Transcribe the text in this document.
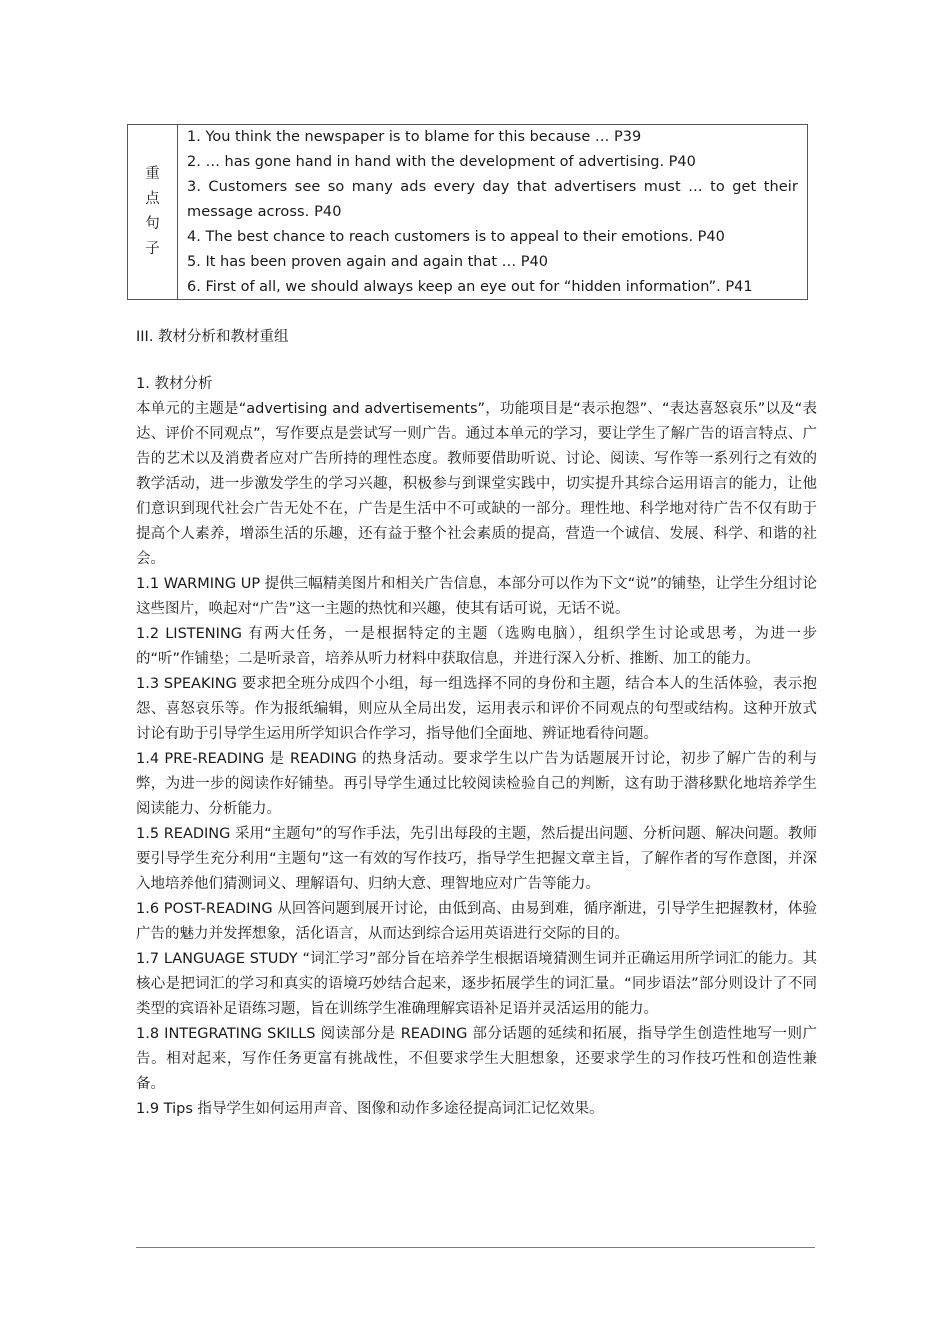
重
点
句
子
1. You think the newspaper is to blame for this because … P39
2. … has gone hand in hand with the development of advertising. P40
3. Customers see so many ads every day that advertisers must … to get their message across. P40
4. The best chance to reach customers is to appeal to their emotions. P40
5. It has been proven again and again that … P40
6. First of all, we should always keep an eye out for “hidden information”. P41
III. 教材分析和教材重组
1. 教材分析

本单元的主题是“advertising and advertisements”，功能项目是“表示抱怨”、“表达喜怒哀乐”以及“表达、评价不同观点”，写作要点是尝试写一则广告。通过本单元的学习，要让学生了解广告的语言特点、广告的艺术以及消费者应对广告所持的理性态度。教师要借助听说、讨论、阅读、写作等一系列行之有效的教学活动，进一步激发学生的学习兴趣，积极参与到课堂实践中，切实提升其综合运用语言的能力，让他们意识到现代社会广告无处不在，广告是生活中不可或缺的一部分。理性地、科学地对待广告不仅有助于提高个人素养，增添生活的乐趣，还有益于整个社会素质的提高，营造一个诚信、发展、科学、和谐的社会。

1.1 WARMING UP 提供三幅精美图片和相关广告信息，本部分可以作为下文“说”的铺垫，让学生分组讨论这些图片，唤起对“广告”这一主题的热忱和兴趣，使其有话可说，无话不说。

1.2 LISTENING 有两大任务，一是根据特定的主题（选购电脑），组织学生讨论或思考，为进一步的“听”作铺垫；二是听录音，培养从听力材料中获取信息，并进行深入分析、推断、加工的能力。

1.3 SPEAKING 要求把全班分成四个小组，每一组选择不同的身份和主题，结合本人的生活体验，表示抱怨、喜怒哀乐等。作为报纸编辑，则应从全局出发，运用表示和评价不同观点的句型或结构。这种开放式讨论有助于引导学生运用所学知识合作学习，指导他们全面地、辨证地看待问题。

1.4 PRE-READING 是 READING 的热身活动。要求学生以广告为话题展开讨论，初步了解广告的利与弊，为进一步的阅读作好铺垫。再引导学生通过比较阅读检验自己的判断，这有助于潜移默化地培养学生阅读能力、分析能力。

1.5 READING 采用“主题句”的写作手法，先引出每段的主题，然后提出问题、分析问题、解决问题。教师要引导学生充分利用“主题句”这一有效的写作技巧，指导学生把握文章主旨，了解作者的写作意图，并深入地培养他们猜测词义、理解语句、归纳大意、理智地应对广告等能力。

1.6 POST-READING 从回答问题到展开讨论，由低到高、由易到难，循序渐进，引导学生把握教材，体验广告的魅力并发挥想象，活化语言，从而达到综合运用英语进行交际的目的。

1.7 LANGUAGE STUDY “词汇学习”部分旨在培养学生根据语境猜测生词并正确运用所学词汇的能力。其核心是把词汇的学习和真实的语境巧妙结合起来，逐步拓展学生的词汇量。“同步语法”部分则设计了不同类型的宾语补足语练习题，旨在训练学生准确理解宾语补足语并灵活运用的能力。

1.8 INTEGRATING SKILLS 阅读部分是 READING 部分话题的延续和拓展，指导学生创造性地写一则广告。相对起来，写作任务更富有挑战性，不但要求学生大胆想象，还要求学生的习作技巧性和创造性兼备。

1.9 Tips 指导学生如何运用声音、图像和动作多途径提高词汇记忆效果。
